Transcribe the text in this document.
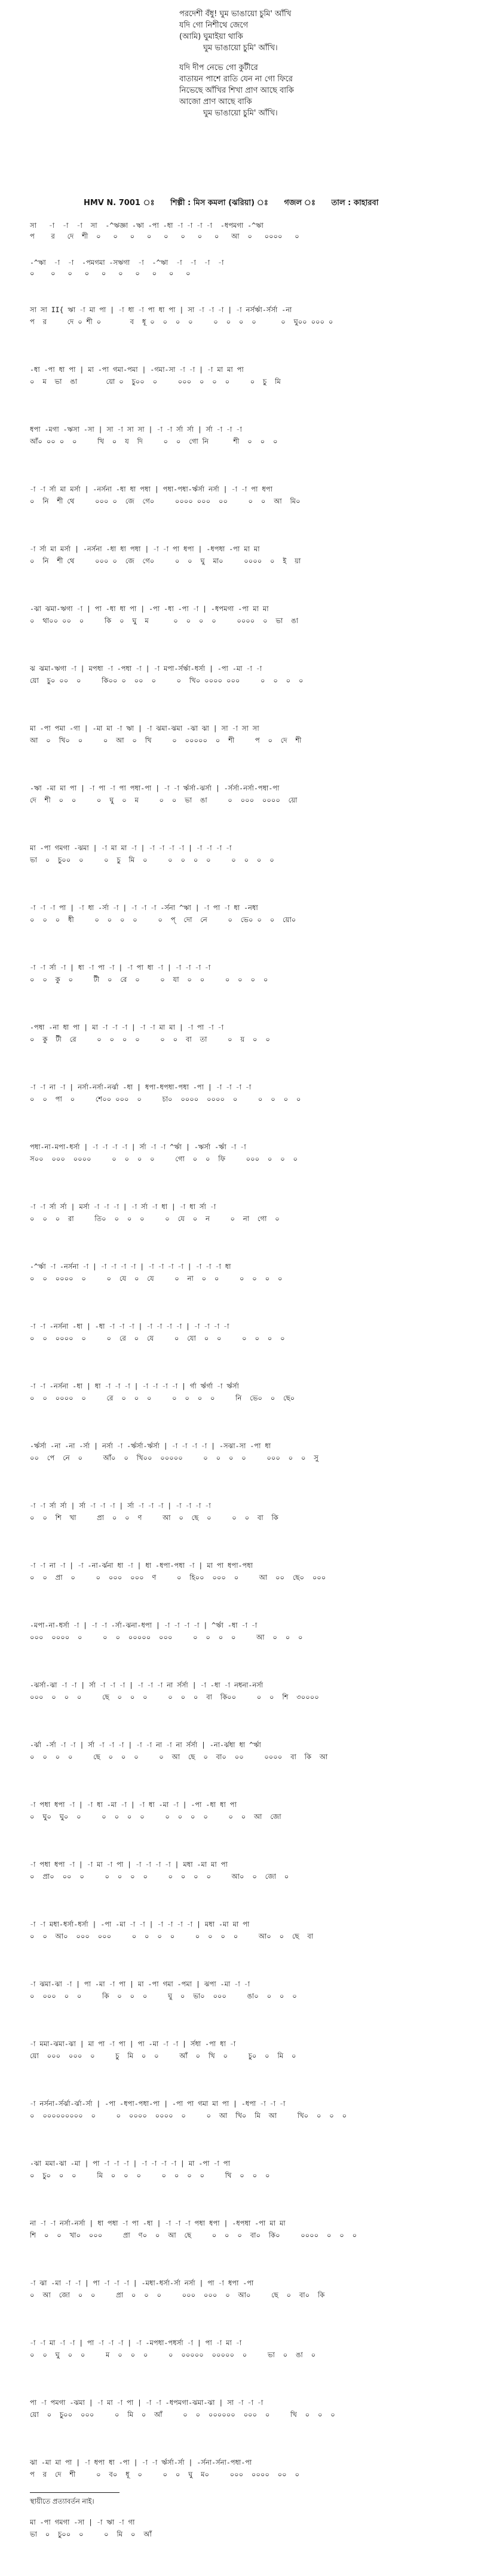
পরদেশী বঁধু! ঘুম ভাঙায়ো চুমি' আঁখি
যদি গো নিশীথে জেগে
(আমি) ঘুমাইয়া থাকি
ঘুম ভাঙায়ো চুমি' আঁখি।
যদি দীপ নেভে গো কুটীরে
বাতায়ন পাশে রাতি যেন না গো ফিরে
নিভেছে আঁখির শিখা প্রাণ আছে বাকি
আজো প্রাণ আছে বাকি
ঘুম ভাঙায়ো চুমি' আঁখি।
HMV N. 7001 ঃ শিল্পী : মিস কমলা (ঝরিয়া) ঃ গজল ঃ তাল : কাহারবা
সা   -া  -া  -া  সা  -^ঋজ্ঞা -ঋা -পা -ধা -া -া -া -া  -ধপমগা -^ঋা
প    র   দে  শী  ০   ০   ০   ০   ০   ০   ০   ০   আ  ০   ০০০০   ০
-^ঋা  -া  -া  -পমগমা -সঋগা  -া  -^ঋা  -া  -া  -া  -া
০    ০   ০   ০   ০   ০   ০   ০   ০   ০
সা সা II{ ঋা -া মা পা | -া ধা -া পা ধা পা | সা -া -া -া | -া নর্সর্ঋা-র্সর্সা -না
প  র     দে ০ শী ০       ব  ধূ ০  ০  ০  ০     ০  ০  ০  ০      ০  ঘু০০ ০০০ ০
-ধা -পা ধা পা | মা -পা গমা-পমা | -গমা-সা -া -া | -া মা মা পা
০  ম  ভা  ঙা       য়ো ০  চু০০  ০     ০০০  ০  ০  ০     ০  চু  মি
ধপা -মগা -ঋসা -সা | সা -া সা সা | -া -া র্সা র্সা | র্সা -া -া -া
আঁ০ ০০ ০  ০     খি  ০  য  দি     ০  ০  গো নি      শী  ০  ০  ০
-া -া র্সা মা মর্সা | -নর্সনা -ধা ধা পধা | পধা-পধা-র্ঋর্সা নর্সা | -া -া পা ধপা
০  নি  শী থে     ০০০ ০  জে  গে০     ০০০০ ০০০  ০০     ০  ০  আ  মি০
-া র্সা মা মর্সা | -নর্সনা -ধা ধা পধা | -া -া পা ধপা | -ধপধা -পা মা মা
০  নি  শী থে     ০০০ ০  জে  গে০     ০  ০  ঘু  মা০     ০০০০  ০  ই  য়া
-ঝা ঝমা-ঋগা -া | পা -ধা ধা পা | -পা -ধা -পা -া | -ধপমগা -পা মা মা
০  থা০০ ০০  ০     কি  ০  ঘু  ম      ০  ০  ০  ০     ০০০০  ০  ভা  ঙা
ঝ ঝমা-ঋগা -া | মপধা -া -পধা -া | -া মপা-র্সর্ঋা-ধর্সা | -পা -মা -া -া
য়ো  চু০ ০০  ০     কি০০ ০  ০০  ০     ০  খি০ ০০০০ ০০০     ০  ০  ০  ০
মা -পা পমা -গা | -মা মা -া ঋা | -া ঝমা-ঝমা -ঝা ঝা | সা -া সা সা
আ  ০  খি০  ০     ০  আ  ০  খি     ০  ০০০০০  ০  শী     প  ০  দে  শী
-ঋা -মা মা পা | -া পা -া পা পধা-পা | -া -া র্ঋর্সা-ঝর্সা | -র্সর্সা-নর্সা-পধা-পা
দে  শী  ০  ০     ০  ঘু  ০  ম     ০  ০  ভা  ঙা     ০  ০০০  ০০০০  য়ো
মা -পা গমগা -ঝমা | -া মা মা -া | -া -া -া -া | -া -া -া -া
ভা  ০  চু০০  ০     ০  চু  মি  ০     ০  ০  ০  ০     ০  ০  ০  ০
-া -া -া পা | -া ধা -র্সা -া | -া -া -া -র্সনা ^ঋা | -া পা -া ধা -নধা
০  ০  ০  ধী     ০  ০  ০  ০     ০  প্  দো  নে     ০  ভে০ ০  ০  য়ো০
-া -া র্সা -া | ধা -া পা -া | -া পা ধা -া | -া -া -া -া
০  ০  কু  ০     টী  ০  রে  ০     ০  যা  ০  ০     ০  ০  ০  ০
-পধা -না ধা পা | মা -া -া -া | -া -া মা মা | -া পা -া -া
০  কু  টী  রে     ০  ০  ০  ০     ০  ০  বা  তা     ০  য়  ০  ০
-া -া না -া | নর্সা-নর্সা-নর্ঝা -ধা | ধপা-ধপধা-পধা -পা | -া -া -া -া
০  ০  পা  ০     শে০০ ০০০  ০     চা০  ০০০০  ০০০০  ০     ০  ০  ০  ০
পধা-না-মপা-ধর্সা | -া -া -া -া | র্সা -া -া ^র্ঋা | -ঋর্সা -র্ঋা -া -া
স০০  ০০০  ০০০০     ০  ০  ০  ০     গো  ০  ০  ফি     ০০০  ০  ০  ০
-া -া র্সা র্সা | মর্সা -া -া -া | -া র্সা -া ধা | -া ধা র্সা -া
০  ০  ০  রা     তি০  ০  ০  ০     ০  যে  ০  ন     ০  না  গো  ০
-^র্ঋা -া -নর্সনা -া | -া -া -া -া | -া -া -া -া | -া -া -া ধা
০  ০  ০০০০  ০     ০  যে  ০  যে     ০  না  ০  ০     ০  ০  ০  ০
-া -া -নর্সনা -ধা | -ধা -া -া -া | -া -া -া -া | -া -া -া -া
০  ০  ০০০০  ০     ০  রে  ০  যে     ০  যো  ০  ০     ০  ০  ০  ০
-া -া -নর্সনা -ধা | ধা -া -া -া | -া -া -া -া | র্গা র্ঋর্গা -া র্ঋর্সা
০  ০  ০০০০  ০     রে  ০  ০  ০     ০  ০  ০  ০     নি  ভে০  ০  ছে০
-র্ঋর্সা -না -না -র্সা | নর্সা -া -র্ঋর্সা-র্ঋর্সা | -া -া -া -া | -সঝা-সা -পা ধা
০০  পে  নে  ০     আঁ০  ০  খি০০  ০০০০০     ০  ০  ০  ০     ০০০  ০  ০  সু
-া -া র্সা র্সা | র্সা -া -া -া | র্সা -া -া -া | -া -া -া -া
০  ০  শি  খা     প্রা  ০  ০  ণ     আ  ০  ছে  ০     ০  ০  বা  কি
-া -া না -া | -া -না-র্ঝনা ধা -া | ধা -ধপা-পধা -া | মা পা ধপা-পধা
০  ০  প্রা  ০     ০  ০০০  ০০০  ণ     ০  হি০০  ০০০  ০     আ  ০০  ছে০  ০০০
-মপা-না-ধর্সা -া | -া -া -র্সা-ঝনা-ধপা | -া -া -া -া | ^র্ঋা -ধা -া -া
০০০  ০০০০  ০     ০  ০  ০০০০০  ০০০     ০  ০  ০  ০     আ  ০  ০  ০
-ঝর্সা-ঝা -া -া | র্সা -া -া -া | -া -া -া না র্সর্সা | -া -ধা -া নধনা-নর্সা
০০০  ০  ০  ০     ছে  ০  ০  ০     ০  ০  ০  বা  কি০০     ০  ০  শি  ৩০০০০
-র্ঝা -র্সা -া -া | র্সা -া -া -া | -া -া না -া না র্সর্সা | -না-র্ঝধা ধা ^র্ঋা
০  ০  ০  ০     ছে  ০  ০  ০     ০  আ  ছে  ০  বা০  ০০     ০০০০  বা  কি  আ
-া পধা ধপা -া | -া ধা -মা -া | -া ধা -মা -া | -পা -ধা ধা পা
০  ঘু০  ঘু০  ০     ০  ০  ০  ০     ০  ০  ০  ০     ০  ০  আ  জো
-া পধা ধপা -া | -া মা -া পা | -া -া -া -া | মধা -মা মা পা
০  প্রা০  ০০  ০     ০  ০  ০  ০     ০  ০  ০  ০     আ০  ০  জো  ০
-া -া মধা-ধর্সা-ধর্সা | -পা -মা -া -া | -া -া -া -া | মধা -মা মা পা
০  ০  আ০  ০০০  ০০০     ০  ০  ০  ০     ০  ০  ০  ০     আ০  ০  ছে  বা
-া ঝমা-ঝা -া | পা -মা -া পা | মা -পা গমা -পমা | ঝপা -মা -া -া
০  ০০০  ০  ০     কি  ০  ০  ০     ঘু  ০  ভা০  ০০০     ঙা০  ০  ০  ০
-া মমা-ঝমা-ঝা | মা পা -া পা | পা -মা -া -া | র্সধা -পা ধা -া
য়ো  ০০০  ০০০  ০     চু  মি  ০  ০     আঁ  ০  খি  ০     চু০  ০  মি  ০
-া নর্সনা-র্সর্ঝা-র্ঝা-র্সা | -পা -ধপা-পধা-পা | -পা পা গমা মা পা | -ধপা -া -া -া
০  ০০০০০০০০০  ০     ০  ০০০০  ০০০০  ০     ০  আ  খি০  মি  আ     খি০  ০  ০  ০
-ঝা মমা-ঝা -মা | পা -া -া -া | -া -া -া -া | মা -পা -া পা
০  চু০  ০  ০     মি  ০  ০  ০     ০  ০  ০  ০     খি  ০  ০  ০
না -া -া নর্সা-নর্সা | ধা পধা -া পা -ধা | -া -া -া পধা ধপা | -ধপধা -পা মা মা
শি  ০  ০  খা০  ০০০     প্রা  ণ০  ০  আ  ছে     ০  ০  ০  বা০  কি০     ০০০০  ০  ০  ০
-া ঝা -মা -া -া | পা -া -া -া | -মধা-ধর্সা-র্সা নর্সা | পা -া ধপা -পা
০  আ  জো  ০  ০     প্রা  ০  ০  ০     ০০০  ০০০  ০  আ০     ছে  ০  বা০  কি
-া -া মা -া -া | পা -া -া -া | -া -মপধা-পধর্সা -া | পা -া মা -া
০  ০  ঘু  ০  ০     ম  ০  ০  ০     ০  ০০০০০  ০০০০০  ০     ভা  ০  ঙা  ০
পা -া পমগা -ঝমা | -া মা -া পা | -া -া -ধপমগা-ঝমা-ঝা | সা -া -া -া
য়ো  ০  চু০০  ০০০     ০  মি  ০  আঁ     ০  ০  ০০০০০০  ০০০  ০     খি  ০  ০  ০
ঝা -মা মা পা | -া ধপা ধা -পা | -া -া র্ঋর্সা-র্সা | -র্সনা-র্সনা-পধা-পা
প  র  দে  শী     ০  ব০  ধূ  ০     ০  ০  ঘু  ম০     ০০০  ০০০০  ০০  ০
মা -পা গমগা -সা | -া ঋা -া গা
ভা  ০  চু০০  ০     ০  মি  ০  আঁ
স্থায়ীতে প্রত্যাবর্তন নাই।
